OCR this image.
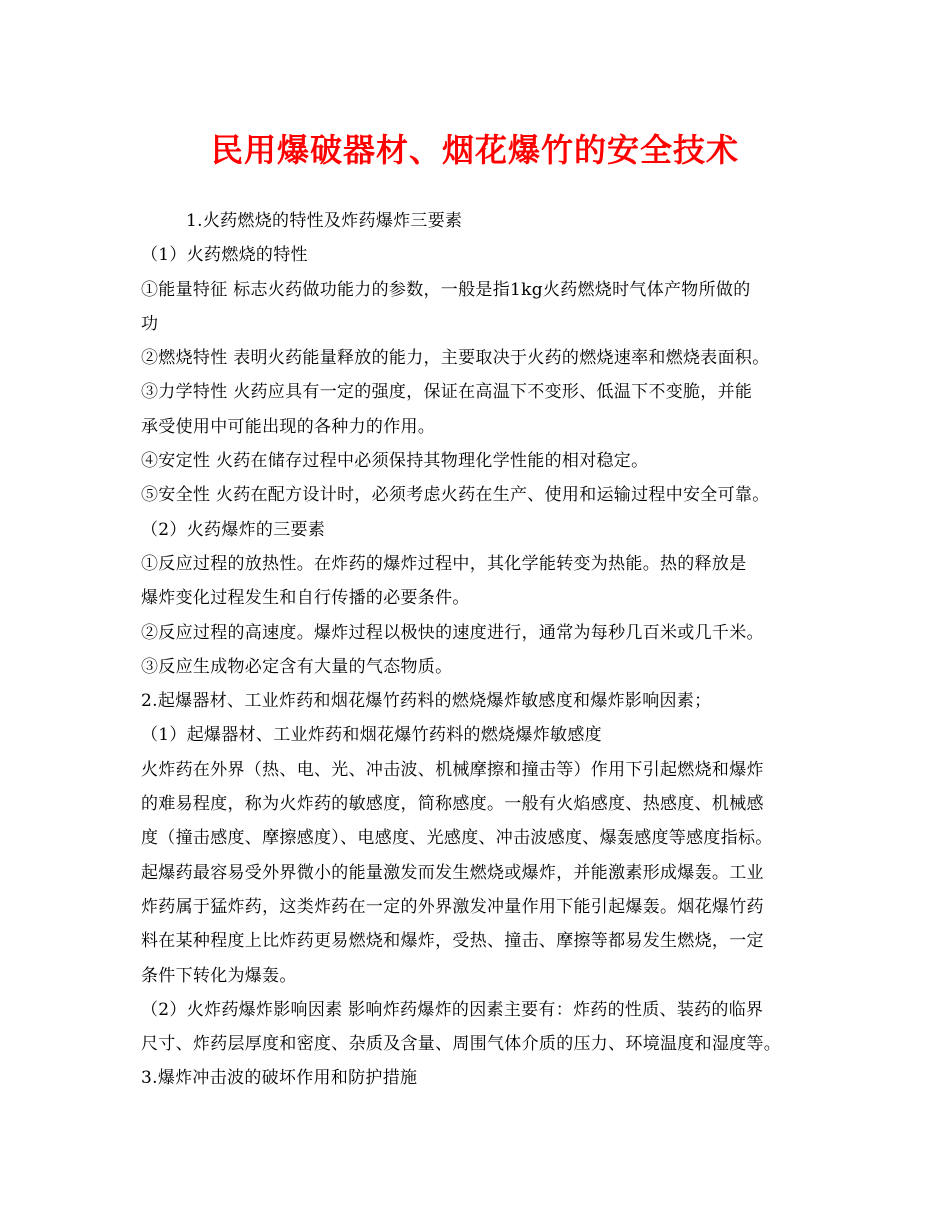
民用爆破器材、烟花爆竹的安全技术
1.火药燃烧的特性及炸药爆炸三要素
（1）火药燃烧的特性
①能量特征 标志火药做功能力的参数，一般是指1kg火药燃烧时气体产物所做的
功
②燃烧特性 表明火药能量释放的能力，主要取决于火药的燃烧速率和燃烧表面积。
③力学特性 火药应具有一定的强度，保证在高温下不变形、低温下不变脆，并能
承受使用中可能出现的各种力的作用。
④安定性 火药在储存过程中必须保持其物理化学性能的相对稳定。
⑤安全性 火药在配方设计时，必须考虑火药在生产、使用和运输过程中安全可靠。
（2）火药爆炸的三要素
①反应过程的放热性。在炸药的爆炸过程中，其化学能转变为热能。热的释放是
爆炸变化过程发生和自行传播的必要条件。
②反应过程的高速度。爆炸过程以极快的速度进行，通常为每秒几百米或几千米。
③反应生成物必定含有大量的气态物质。
2.起爆器材、工业炸药和烟花爆竹药料的燃烧爆炸敏感度和爆炸影响因素；
（1）起爆器材、工业炸药和烟花爆竹药料的燃烧爆炸敏感度
火炸药在外界（热、电、光、冲击波、机械摩擦和撞击等）作用下引起燃烧和爆炸
的难易程度，称为火炸药的敏感度，简称感度。一般有火焰感度、热感度、机械感
度（撞击感度、摩擦感度）、电感度、光感度、冲击波感度、爆轰感度等感度指标。
起爆药最容易受外界微小的能量激发而发生燃烧或爆炸，并能激素形成爆轰。工业
炸药属于猛炸药，这类炸药在一定的外界激发冲量作用下能引起爆轰。烟花爆竹药
料在某种程度上比炸药更易燃烧和爆炸，受热、撞击、摩擦等都易发生燃烧，一定
条件下转化为爆轰。
（2）火炸药爆炸影响因素 影响炸药爆炸的因素主要有：炸药的性质、装药的临界
尺寸、炸药层厚度和密度、杂质及含量、周围气体介质的压力、环境温度和湿度等。
3.爆炸冲击波的破坏作用和防护措施
